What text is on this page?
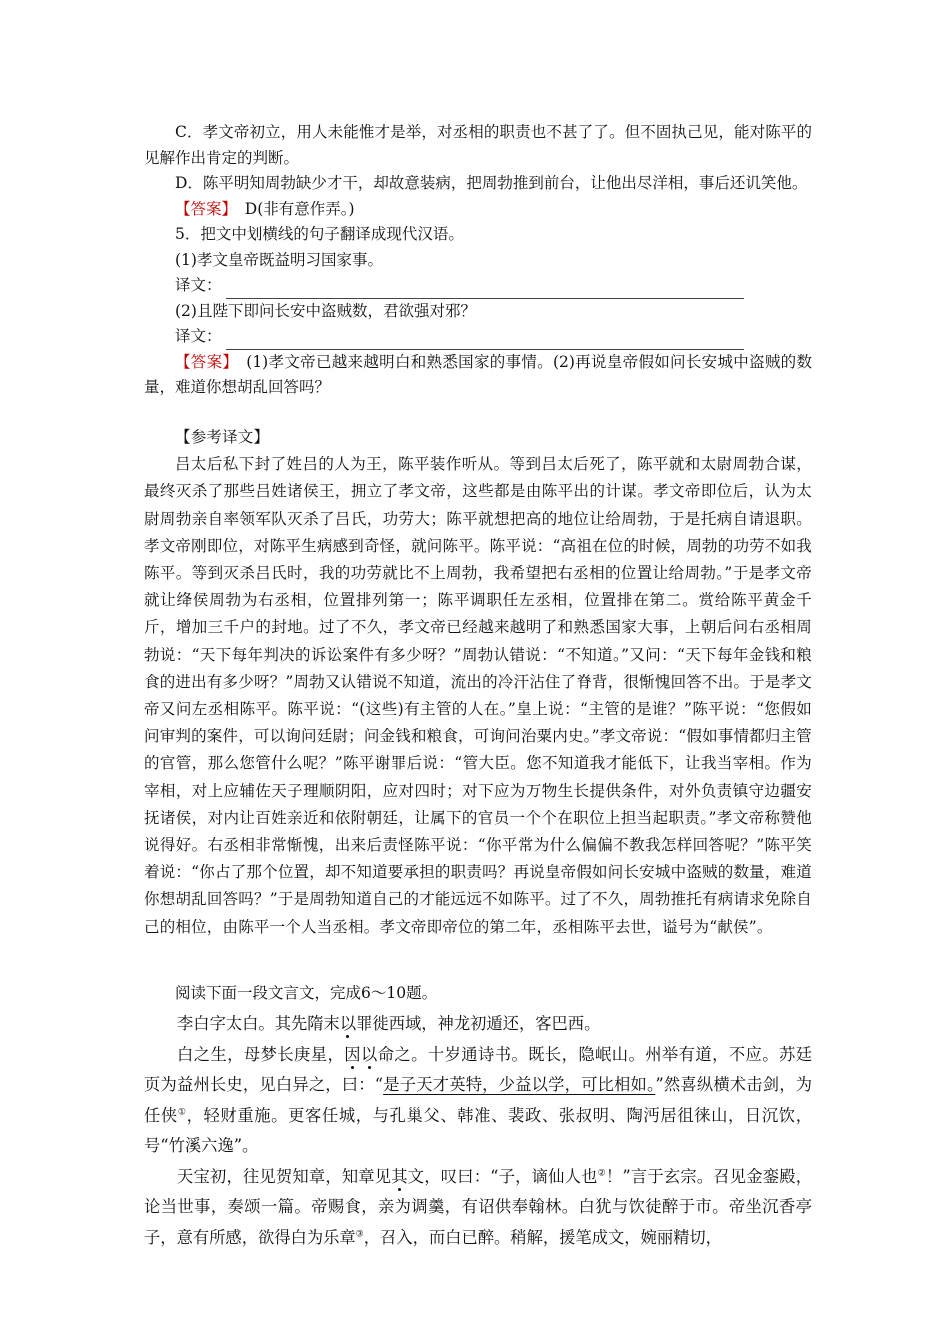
C．孝文帝初立，用人未能惟才是举，对丞相的职责也不甚了了。但不固执己见，能对陈平的见解作出肯定的判断。

D．陈平明知周勃缺少才干，却故意装病，把周勃推到前台，让他出尽洋相，事后还讥笑他。

【答案】　D(非有意作弄。)

5．把文中划横线的句子翻译成现代汉语。

(1)孝文皇帝既益明习国家事。

译文：

(2)且陛下即问长安中盗贼数，君欲强对邪？

译文：

【答案】　(1)孝文帝已越来越明白和熟悉国家的事情。(2)再说皇帝假如问长安城中盗贼的数量，难道你想胡乱回答吗？

【参考译文】

吕太后私下封了姓吕的人为王，陈平装作听从。等到吕太后死了，陈平就和太尉周勃合谋，最终灭杀了那些吕姓诸侯王，拥立了孝文帝，这些都是由陈平出的计谋。孝文帝即位后，认为太尉周勃亲自率领军队灭杀了吕氏，功劳大；陈平就想把高的地位让给周勃，于是托病自请退职。孝文帝刚即位，对陈平生病感到奇怪，就问陈平。陈平说：“高祖在位的时候，周勃的功劳不如我陈平。等到灭杀吕氏时，我的功劳就比不上周勃，我希望把右丞相的位置让给周勃。”于是孝文帝就让绛侯周勃为右丞相，位置排列第一；陈平调职任左丞相，位置排在第二。赏给陈平黄金千斤，增加三千户的封地。过了不久，孝文帝已经越来越明了和熟悉国家大事，上朝后问右丞相周勃说：“天下每年判决的诉讼案件有多少呀？”周勃认错说：“不知道。”又问：“天下每年金钱和粮食的进出有多少呀？”周勃又认错说不知道，流出的冷汗沾住了脊背，很惭愧回答不出。于是孝文帝又问左丞相陈平。陈平说：“(这些)有主管的人在。”皇上说：“主管的是谁？”陈平说：“您假如问审判的案件，可以询问廷尉；问金钱和粮食，可询问治粟内史。”孝文帝说：“假如事情都归主管的官管，那么您管什么呢？”陈平谢罪后说：“管大臣。您不知道我才能低下，让我当宰相。作为宰相，对上应辅佐天子理顺阴阳，应对四时；对下应为万物生长提供条件，对外负责镇守边疆安抚诸侯，对内让百姓亲近和依附朝廷，让属下的官员一个个在职位上担当起职责。”孝文帝称赞他说得好。右丞相非常惭愧，出来后责怪陈平说：“你平常为什么偏偏不教我怎样回答呢？”陈平笑着说：“你占了那个位置，却不知道要承担的职责吗？再说皇帝假如问长安城中盗贼的数量，难道你想胡乱回答吗？”于是周勃知道自己的才能远远不如陈平。过了不久，周勃推托有病请求免除自己的相位，由陈平一个人当丞相。孝文帝即帝位的第二年，丞相陈平去世，谥号为“献侯”。

阅读下面一段文言文，完成6～10题。

李白字太白。其先隋末以罪徙西域，神龙初遁还，客巴西。

白之生，母梦长庚星，因以命之。十岁通诗书。既长，隐岷山。州举有道，不应。苏廷页为益州长史，见白异之，曰：“是子天才英特，少益以学，可比相如。”然喜纵横术击剑，为任侠①，轻财重施。更客任城，与孔巢父、韩准、裴政、张叔明、陶沔居徂徕山，日沉饮，号“竹溪六逸”。

天宝初，往见贺知章，知章见其文，叹曰：“子，谪仙人也②！”言于玄宗。召见金銮殿，论当世事，奏颂一篇。帝赐食，亲为调羹，有诏供奉翰林。白犹与饮徒醉于市。帝坐沉香亭子，意有所感，欲得白为乐章③，召入，而白已醉。稍解，援笔成文，婉丽精切，
